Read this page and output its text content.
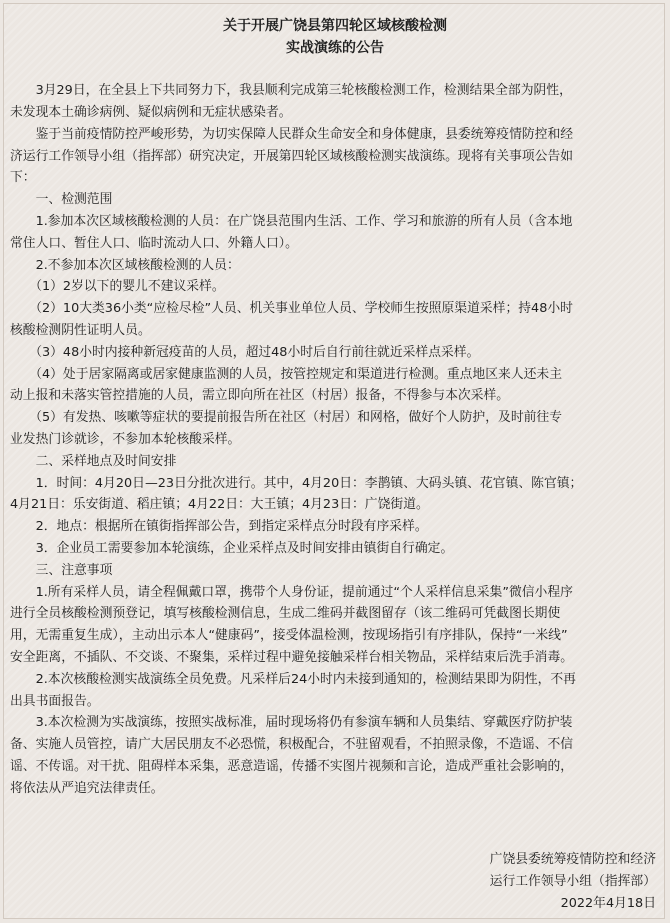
关于开展广饶县第四轮区域核酸检测
实战演练的公告
　　3月29日，在全县上下共同努力下，我县顺利完成第三轮核酸检测工作，检测结果全部为阴性，
未发现本土确诊病例、疑似病例和无症状感染者。
　　鉴于当前疫情防控严峻形势，为切实保障人民群众生命安全和身体健康，县委统筹疫情防控和经
济运行工作领导小组（指挥部）研究决定，开展第四轮区域核酸检测实战演练。现将有关事项公告如
下：
　　一、检测范围
　　1.参加本次区域核酸检测的人员：在广饶县范围内生活、工作、学习和旅游的所有人员（含本地
常住人口、暂住人口、临时流动人口、外籍人口）。
　　2.不参加本次区域核酸检测的人员：
　　（1）2岁以下的婴儿不建议采样。
　　（2）10大类36小类“应检尽检”人员、机关事业单位人员、学校师生按照原渠道采样；持48小时
核酸检测阴性证明人员。
　　（3）48小时内接种新冠疫苗的人员，超过48小时后自行前往就近采样点采样。
　　（4）处于居家隔离或居家健康监测的人员，按管控规定和渠道进行检测。重点地区来人还未主
动上报和未落实管控措施的人员，需立即向所在社区（村居）报备，不得参与本次采样。
　　（5）有发热、咳嗽等症状的要提前报告所在社区（村居）和网格，做好个人防护，及时前往专
业发热门诊就诊，不参加本轮核酸采样。
　　二、采样地点及时间安排
　　1．时间：4月20日—23日分批次进行。其中，4月20日：李鹊镇、大码头镇、花官镇、陈官镇；
4月21日：乐安街道、稻庄镇；4月22日：大王镇；4月23日：广饶街道。
　　2．地点：根据所在镇街指挥部公告，到指定采样点分时段有序采样。
　　3．企业员工需要参加本轮演练，企业采样点及时间安排由镇街自行确定。
　　三、注意事项
　　1.所有采样人员，请全程佩戴口罩，携带个人身份证，提前通过“个人采样信息采集”微信小程序
进行全员核酸检测预登记，填写核酸检测信息，生成二维码并截图留存（该二维码可凭截图长期使
用，无需重复生成），主动出示本人“健康码”，接受体温检测，按现场指引有序排队，保持“一米线”
安全距离，不插队、不交谈、不聚集，采样过程中避免接触采样台相关物品，采样结束后洗手消毒。
　　2.本次核酸检测实战演练全员免费。凡采样后24小时内未接到通知的，检测结果即为阴性，不再
出具书面报告。
　　3.本次检测为实战演练，按照实战标准，届时现场将仍有参演车辆和人员集结、穿戴医疗防护装
备、实施人员管控，请广大居民朋友不必恐慌，积极配合，不驻留观看，不拍照录像，不造谣、不信
谣、不传谣。对干扰、阻碍样本采集，恶意造谣，传播不实图片视频和言论，造成严重社会影响的，
将依法从严追究法律责任。
广饶县委统筹疫情防控和经济
运行工作领导小组（指挥部）
2022年4月18日
